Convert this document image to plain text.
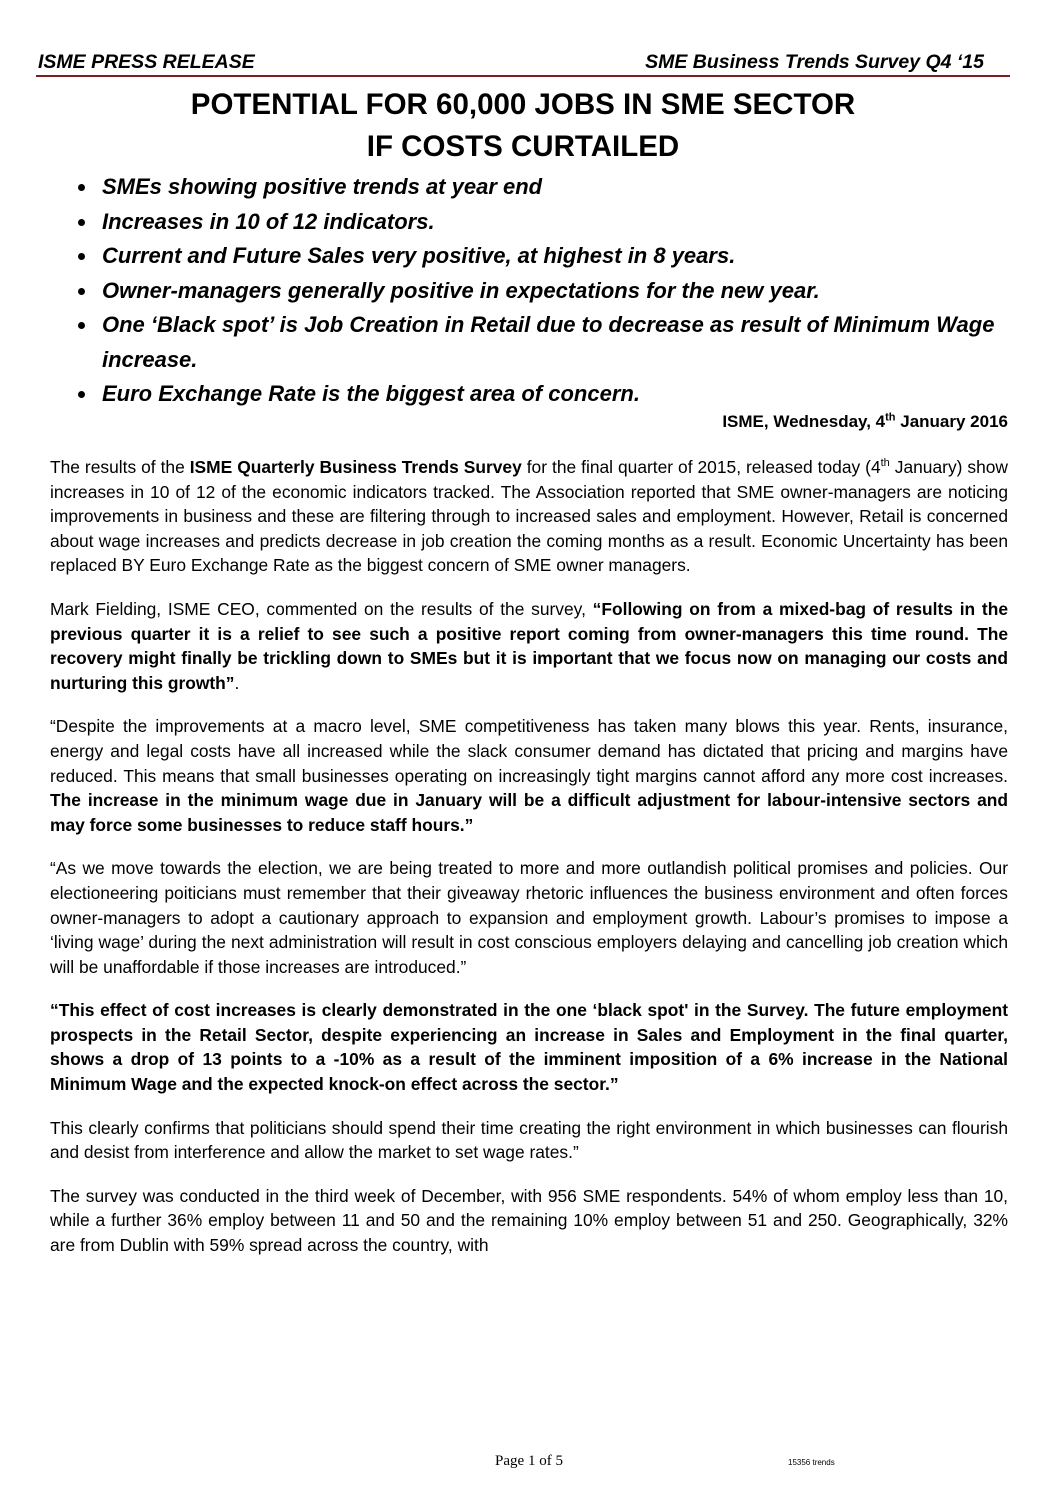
ISME PRESS RELEASE	SME Business Trends Survey Q4 ‘15
POTENTIAL FOR 60,000 JOBS IN SME SECTOR
IF COSTS CURTAILED
SMEs showing positive trends at year end
Increases in 10 of 12 indicators.
Current and Future Sales very positive, at highest in 8 years.
Owner-managers generally positive in expectations for the new year.
One ‘Black spot’ is Job Creation in Retail due to decrease as result of Minimum Wage increase.
Euro Exchange Rate is the biggest area of concern.
ISME, Wednesday, 4th January 2016

The results of the ISME Quarterly Business Trends Survey for the final quarter of 2015, released today (4th January) show increases in 10 of 12 of the economic indicators tracked. The Association reported that SME owner-managers are noticing improvements in business and these are filtering through to increased sales and employment. However, Retail is concerned about wage increases and predicts decrease in job creation the coming months as a result. Economic Uncertainty has been replaced BY Euro Exchange Rate as the biggest concern of SME owner managers.

Mark Fielding, ISME CEO, commented on the results of the survey, “Following on from a mixed-bag of results in the previous quarter it is a relief to see such a positive report coming from owner-managers this time round. The recovery might finally be trickling down to SMEs but it is important that we focus now on managing our costs and nurturing this growth”.

“Despite the improvements at a macro level, SME competitiveness has taken many blows this year. Rents, insurance, energy and legal costs have all increased while the slack consumer demand has dictated that pricing and margins have reduced. This means that small businesses operating on increasingly tight margins cannot afford any more cost increases. The increase in the minimum wage due in January will be a difficult adjustment for labour-intensive sectors and may force some businesses to reduce staff hours.”

“As we move towards the election, we are being treated to more and more outlandish political promises and policies. Our electioneering poiticians must remember that their giveaway rhetoric influences the business environment and often forces owner-managers to adopt a cautionary approach to expansion and employment growth. Labour’s promises to impose a ‘living wage’ during the next administration will result in cost conscious employers delaying and cancelling job creation which will be unaffordable if those increases are introduced.”

“This effect of cost increases is clearly demonstrated in the one ‘black spot' in the Survey. The future employment prospects in the Retail Sector, despite experiencing an increase in Sales and Employment in the final quarter, shows a drop of 13 points to a -10% as a result of the imminent imposition of a 6% increase in the National Minimum Wage and the expected knock-on effect across the sector.”

This clearly confirms that politicians should spend their time creating the right environment in which businesses can flourish and desist from interference and allow the market to set wage rates.”

The survey was conducted in the third week of December, with 956 SME respondents. 54% of whom employ less than 10, while a further 36% employ between 11 and 50 and the remaining 10% employ between 51 and 250. Geographically, 32% are from Dublin with 59% spread across the country, with

Page 1 of 5	15356 trends
